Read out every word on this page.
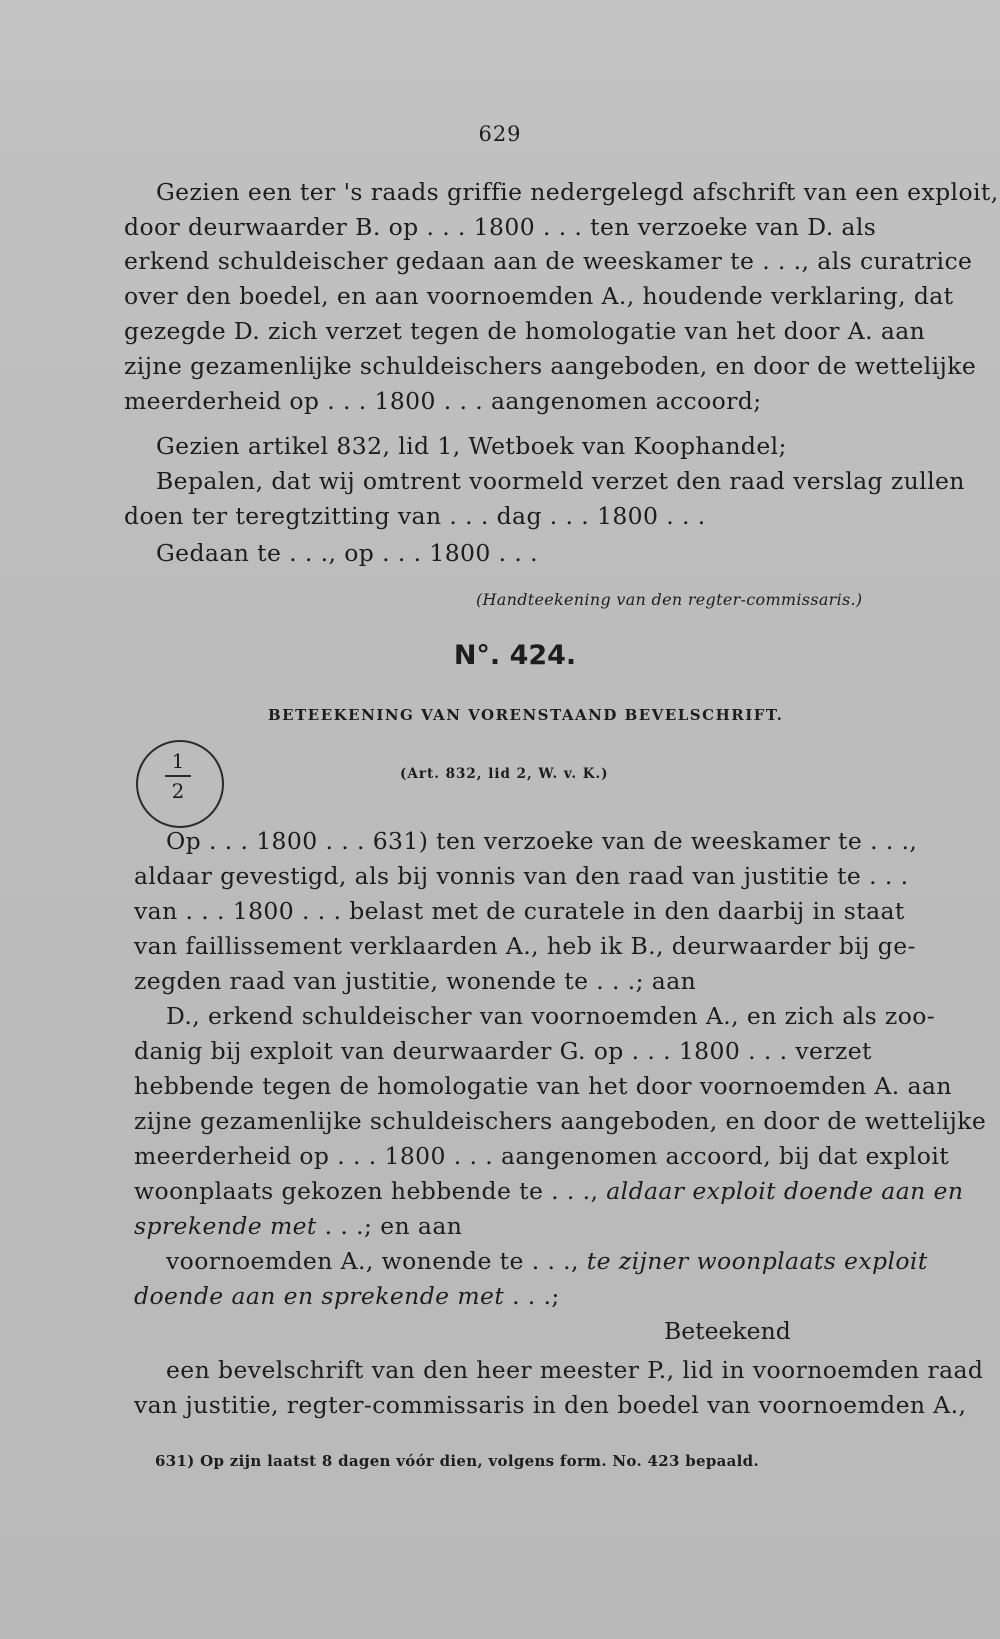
629
Gezien een ter 's raads griffie nedergelegd afschrift van een exploit,
door deurwaarder B. op . . . 1800 . . . ten verzoeke van D. als
erkend schuldeischer gedaan aan de weeskamer te . . ., als curatrice
over den boedel, en aan voornoemden A., houdende verklaring, dat
gezegde D. zich verzet tegen de homologatie van het door A. aan
zijne gezamenlijke schuldeischers aangeboden, en door de wettelijke
meerderheid op . . . 1800 . . . aangenomen accoord;
Gezien artikel 832, lid 1, Wetboek van Koophandel;
Bepalen, dat wij omtrent voormeld verzet den raad verslag zullen
doen ter teregtzitting van . . . dag . . . 1800 . . .
Gedaan te . . ., op . . . 1800 . . .
(Handteekening van den regter-commissaris.)
N°. 424.
BETEEKENING VAN VORENSTAAND BEVELSCHRIFT.
1
2
(Art. 832, lid 2, W. v. K.)
Op . . . 1800 . . . 631) ten verzoeke van de weeskamer te . . .,
aldaar gevestigd, als bij vonnis van den raad van justitie te . . .
van . . . 1800 . . . belast met de curatele in den daarbij in staat
van faillissement verklaarden A., heb ik B., deurwaarder bij ge-
zegden raad van justitie, wonende te . . .; aan
D., erkend schuldeischer van voornoemden A., en zich als zoo-
danig bij exploit van deurwaarder G. op . . . 1800 . . . verzet
hebbende tegen de homologatie van het door voornoemden A. aan
zijne gezamenlijke schuldeischers aangeboden, en door de wettelijke
meerderheid op . . . 1800 . . . aangenomen accoord, bij dat exploit
woonplaats gekozen hebbende te . . ., aldaar exploit doende aan en
sprekende met . . .; en aan
voornoemden A., wonende te . . ., te zijner woonplaats exploit
doende aan en sprekende met . . .;
Beteekend
een bevelschrift van den heer meester P., lid in voornoemden raad
van justitie, regter-commissaris in den boedel van voornoemden A.,
631) Op zijn laatst 8 dagen vóór dien, volgens form. No. 423 bepaald.
